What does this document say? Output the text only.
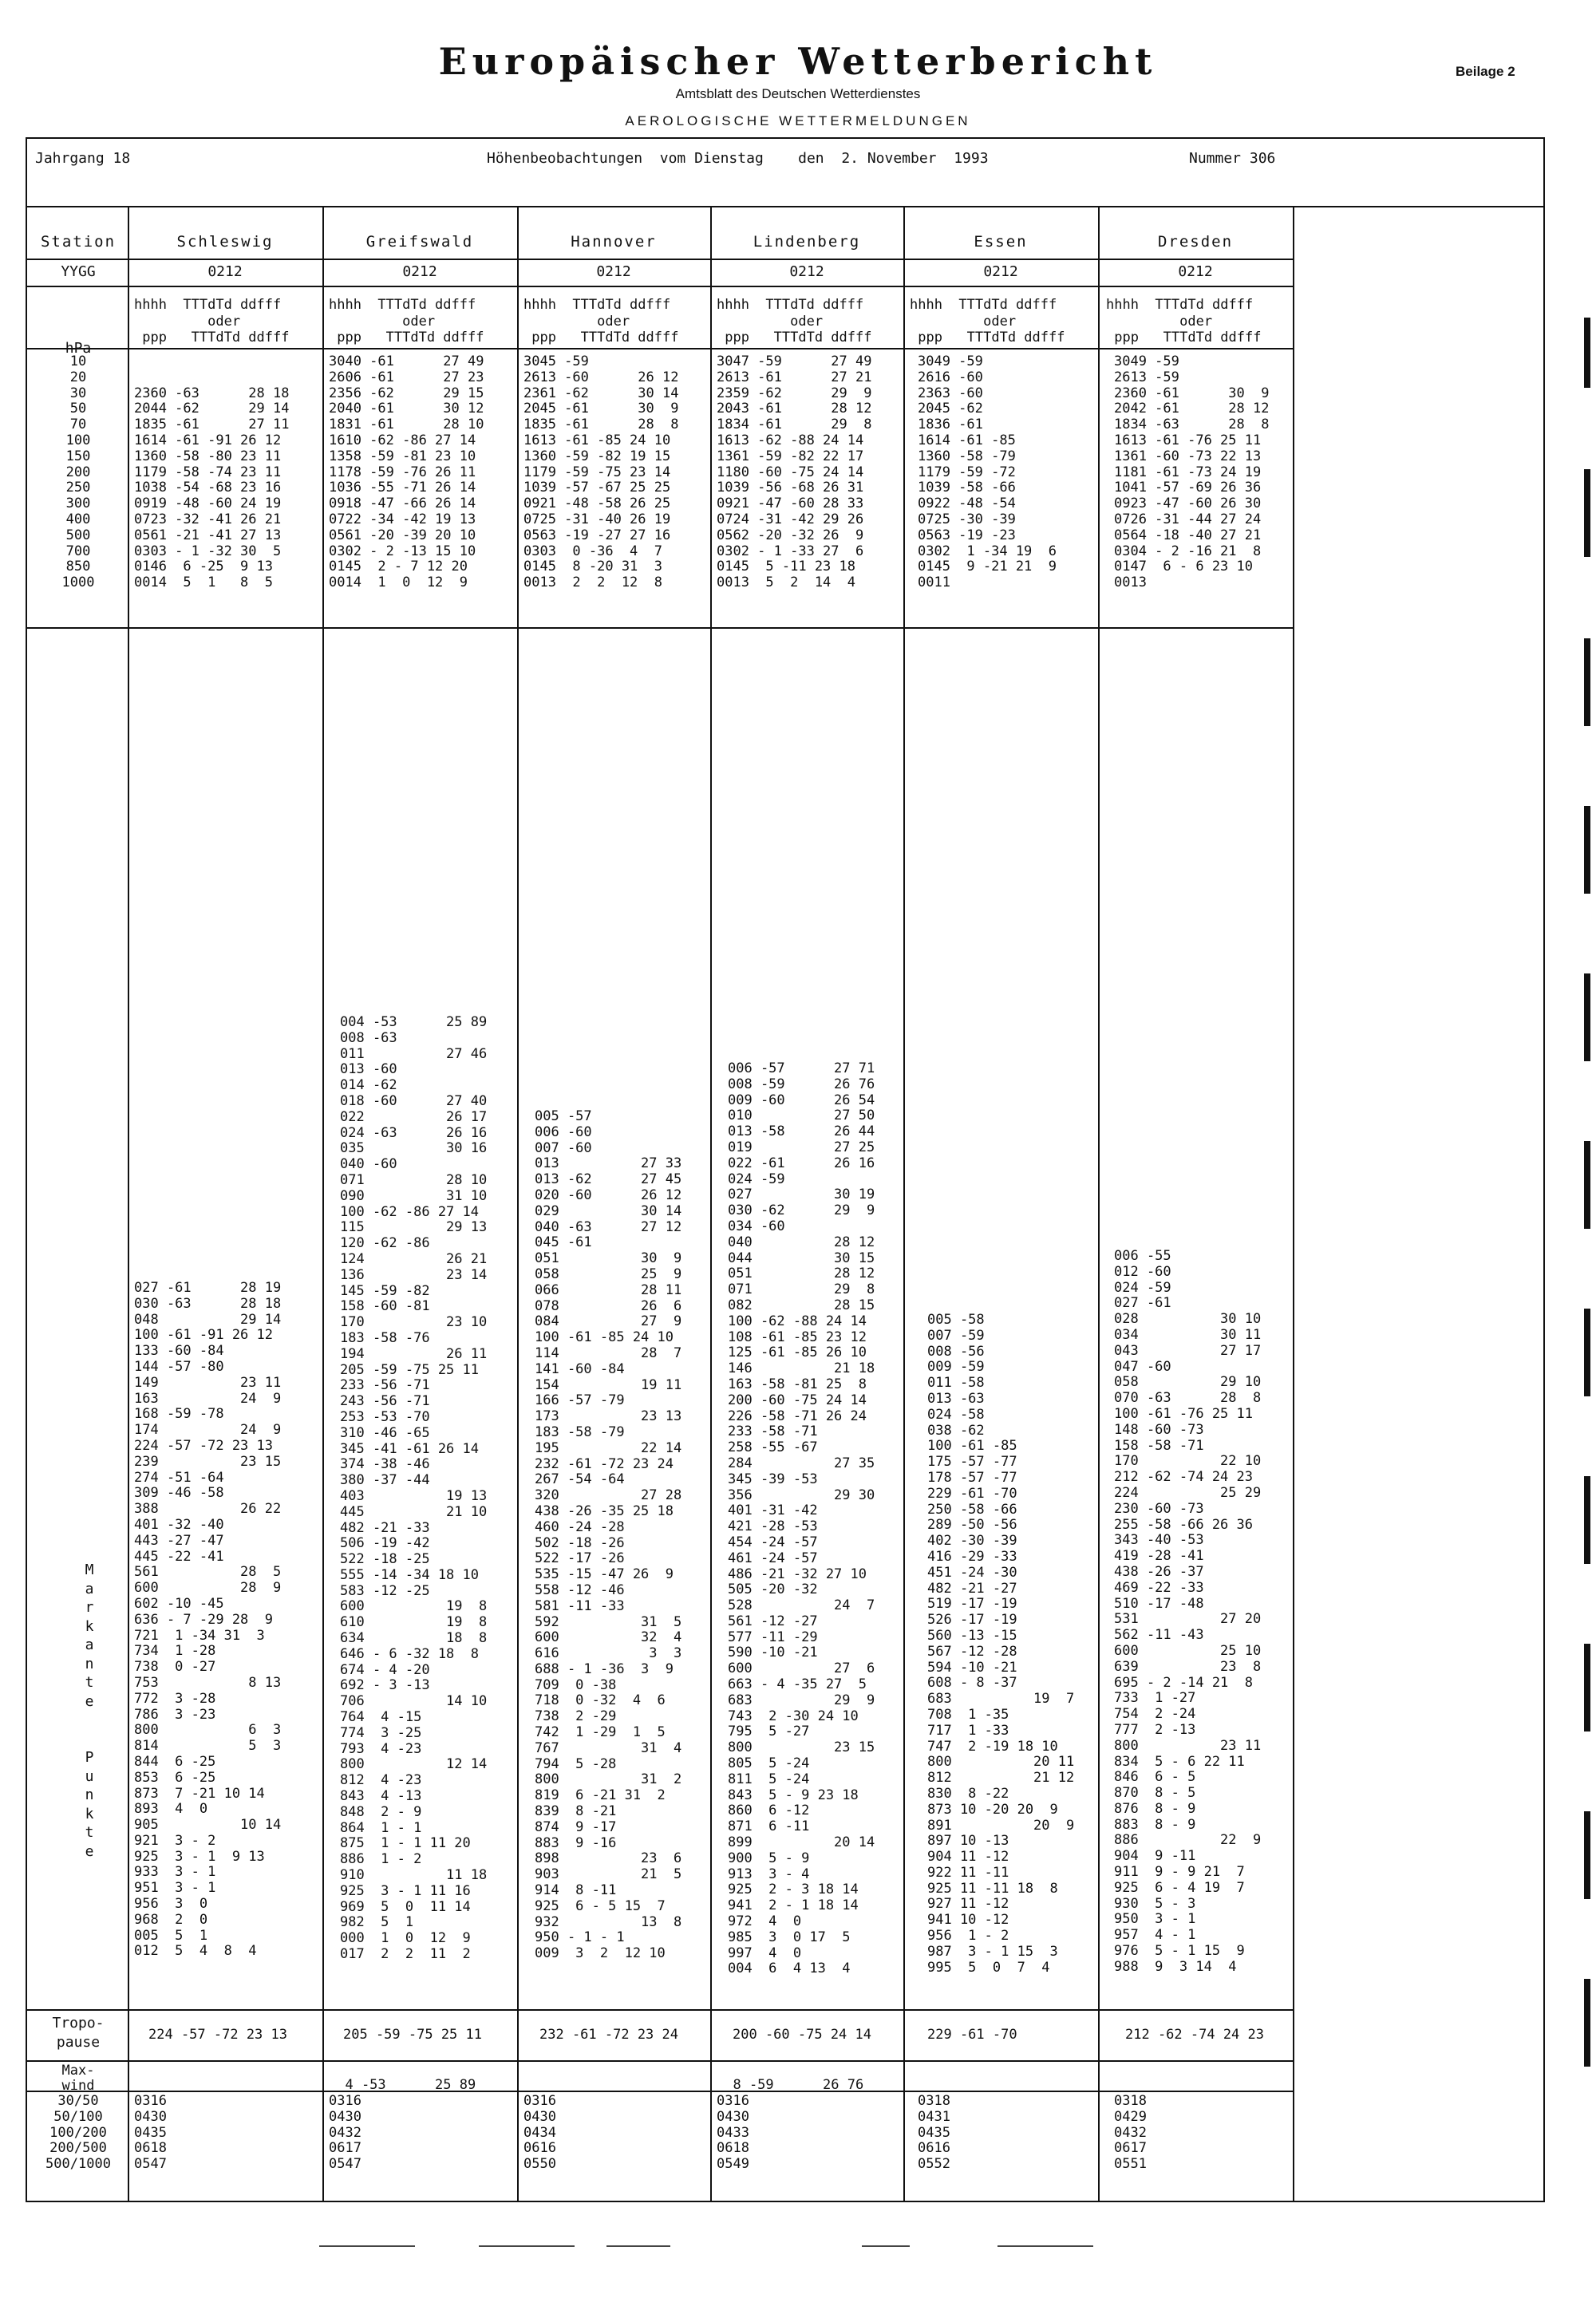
Europäischer Wetterbericht
Amtsblatt des Deutschen Wetterdienstes
Beilage 2
AEROLOGISCHE WETTERMELDUNGEN
Jahrgang 18	Höhenbeobachtungen  vom Dienstag    den  2. November  1993	Nummer 306
Station
YYGG
hPa
10
20
30
50
70
100
150
200
250
300
400
500
700
850
1000
M
a
r
k
a
n
t
e

P
u
n
k
t
e
Tropo-
pause
Max-
wind
30/50
50/100
100/200
200/500
500/1000
Schleswig
0212
hhhh  TTTdTd ddfff
oder
ppp   TTTdTd ddfff

2360 -63      28 18
2044 -62      29 14
1835 -61      27 11
1614 -61 -91 26 12
1360 -58 -80 23 11
1179 -58 -74 23 11
1038 -54 -68 23 16
0919 -48 -60 24 19
0723 -32 -41 26 21
0561 -21 -41 27 13
0303 - 1 -32 30  5
0146  6 -25  9 13
0014  5  1   8  5
027 -61      28 19
030 -63      28 18
048          29 14
100 -61 -91 26 12
133 -60 -84
144 -57 -80
149          23 11
163          24  9
168 -59 -78
174          24  9
224 -57 -72 23 13
239          23 15
274 -51 -64
309 -46 -58
388          26 22
401 -32 -40
443 -27 -47
445 -22 -41
561          28  5
600          28  9
602 -10 -45
636 - 7 -29 28  9
721  1 -34 31  3
734  1 -28
738  0 -27
753           8 13
772  3 -28
786  3 -23
800           6  3
814           5  3
844  6 -25
853  6 -25
873  7 -21 10 14
893  4  0
905          10 14
921  3 - 2
925  3 - 1  9 13
933  3 - 1
951  3 - 1
956  3  0
968  2  0
005  5  1
012  5  4  8  4
224 -57 -72 23 13
0316
0430
0435
0618
0547
Greifswald
0212
hhhh  TTTdTd ddfff
oder
ppp   TTTdTd ddfff
3040 -61      27 49
2606 -61      27 23
2356 -62      29 15
2040 -61      30 12
1831 -61      28 10
1610 -62 -86 27 14
1358 -59 -81 23 10
1178 -59 -76 26 11
1036 -55 -71 26 14
0918 -47 -66 26 14
0722 -34 -42 19 13
0561 -20 -39 20 10
0302 - 2 -13 15 10
0145  2 - 7 12 20
0014  1  0  12  9
004 -53      25 89
008 -63
011          27 46
013 -60
014 -62
018 -60      27 40
022          26 17
024 -63      26 16
035          30 16
040 -60
071          28 10
090          31 10
100 -62 -86 27 14
115          29 13
120 -62 -86
124          26 21
136          23 14
145 -59 -82
158 -60 -81
170          23 10
183 -58 -76
194          26 11
205 -59 -75 25 11
233 -56 -71
243 -56 -71
253 -53 -70
310 -46 -65
345 -41 -61 26 14
374 -38 -46
380 -37 -44
403          19 13
445          21 10
482 -21 -33
506 -19 -42
522 -18 -25
555 -14 -34 18 10
583 -12 -25
600          19  8
610          19  8
634          18  8
646 - 6 -32 18  8
674 - 4 -20
692 - 3 -13
706          14 10
764  4 -15
774  3 -25
793  4 -23
800          12 14
812  4 -23
843  4 -13
848  2 - 9
864  1 - 1
875  1 - 1 11 20
886  1 - 2
910          11 18
925  3 - 1 11 16
969  5  0  11 14
982  5  1
000  1  0  12  9
017  2  2  11  2
205 -59 -75 25 11
4 -53      25 89
0316
0430
0432
0617
0547
Hannover
0212
hhhh  TTTdTd ddfff
oder
ppp   TTTdTd ddfff
3045 -59
2613 -60      26 12
2361 -62      30 14
2045 -61      30  9
1835 -61      28  8
1613 -61 -85 24 10
1360 -59 -82 19 15
1179 -59 -75 23 14
1039 -57 -67 25 25
0921 -48 -58 26 25
0725 -31 -40 26 19
0563 -19 -27 27 16
0303  0 -36  4  7
0145  8 -20 31  3
0013  2  2  12  8
005 -57
006 -60
007 -60
013          27 33
013 -62      27 45
020 -60      26 12
029          30 14
040 -63      27 12
045 -61
051          30  9
058          25  9
066          28 11
078          26  6
084          27  9
100 -61 -85 24 10
114          28  7
141 -60 -84
154          19 11
166 -57 -79
173          23 13
183 -58 -79
195          22 14
232 -61 -72 23 24
267 -54 -64
320          27 28
438 -26 -35 25 18
460 -24 -28
502 -18 -26
522 -17 -26
535 -15 -47 26  9
558 -12 -46
581 -11 -33
592          31  5
600          32  4
616           3  3
688 - 1 -36  3  9
709  0 -38
718  0 -32  4  6
738  2 -29
742  1 -29  1  5
767          31  4
794  5 -28
800          31  2
819  6 -21 31  2
839  8 -21
874  9 -17
883  9 -16
898          23  6
903          21  5
914  8 -11
925  6 - 5 15  7
932          13  8
950 - 1 - 1
009  3  2  12 10
232 -61 -72 23 24
0316
0430
0434
0616
0550
Lindenberg
0212
hhhh  TTTdTd ddfff
oder
ppp   TTTdTd ddfff
3047 -59      27 49
2613 -61      27 21
2359 -62      29  9
2043 -61      28 12
1834 -61      29  8
1613 -62 -88 24 14
1361 -59 -82 22 17
1180 -60 -75 24 14
1039 -56 -68 26 31
0921 -47 -60 28 33
0724 -31 -42 29 26
0562 -20 -32 26  9
0302 - 1 -33 27  6
0145  5 -11 23 18
0013  5  2  14  4
006 -57      27 71
008 -59      26 76
009 -60      26 54
010          27 50
013 -58      26 44
019          27 25
022 -61      26 16
024 -59
027          30 19
030 -62      29  9
034 -60
040          28 12
044          30 15
051          28 12
071          29  8
082          28 15
100 -62 -88 24 14
108 -61 -85 23 12
125 -61 -85 26 10
146          21 18
163 -58 -81 25  8
200 -60 -75 24 14
226 -58 -71 26 24
233 -58 -71
258 -55 -67
284          27 35
345 -39 -53
356          29 30
401 -31 -42
421 -28 -53
454 -24 -57
461 -24 -57
486 -21 -32 27 10
505 -20 -32
528          24  7
561 -12 -27
577 -11 -29
590 -10 -21
600          27  6
663 - 4 -35 27  5
683          29  9
743  2 -30 24 10
795  5 -27
800          23 15
805  5 -24
811  5 -24
843  5 - 9 23 18
860  6 -12
871  6 -11
899          20 14
900  5 - 9
913  3 - 4
925  2 - 3 18 14
941  2 - 1 18 14
972  4  0
985  3  0 17  5
997  4  0
004  6  4 13  4
200 -60 -75 24 14
8 -59      26 76
0316
0430
0433
0618
0549
Essen
0212
hhhh  TTTdTd ddfff
oder
ppp   TTTdTd ddfff
3049 -59
2616 -60
2363 -60
2045 -62
1836 -61
1614 -61 -85
1360 -58 -79
1179 -59 -72
1039 -58 -66
0922 -48 -54
0725 -30 -39
0563 -19 -23
0302  1 -34 19  6
0145  9 -21 21  9
0011
005 -58
007 -59
008 -56
009 -59
011 -58
013 -63
024 -58
038 -62
100 -61 -85
175 -57 -77
178 -57 -77
229 -61 -70
250 -58 -66
289 -50 -56
402 -30 -39
416 -29 -33
451 -24 -30
482 -21 -27
519 -17 -19
526 -17 -19
560 -13 -15
567 -12 -28
594 -10 -21
608 - 8 -37
683          19  7
708  1 -35
717  1 -33
747  2 -19 18 10
800          20 11
812          21 12
830  8 -22
873 10 -20 20  9
891          20  9
897 10 -13
904 11 -12
922 11 -11
925 11 -11 18  8
927 11 -12
941 10 -12
956  1 - 2
987  3 - 1 15  3
995  5  0  7  4
229 -61 -70
0318
0431
0435
0616
0552
Dresden
0212
hhhh  TTTdTd ddfff
oder
ppp   TTTdTd ddfff
3049 -59
2613 -59
2360 -61      30  9
2042 -61      28 12
1834 -63      28  8
1613 -61 -76 25 11
1361 -60 -73 22 13
1181 -61 -73 24 19
1041 -57 -69 26 36
0923 -47 -60 26 30
0726 -31 -44 27 24
0564 -18 -40 27 21
0304 - 2 -16 21  8
0147  6 - 6 23 10
0013
006 -55
012 -60
024 -59
027 -61
028          30 10
034          30 11
043          27 17
047 -60
058          29 10
070 -63      28  8
100 -61 -76 25 11
148 -60 -73
158 -58 -71
170          22 10
212 -62 -74 24 23
224          25 29
230 -60 -73
255 -58 -66 26 36
343 -40 -53
419 -28 -41
438 -26 -37
469 -22 -33
510 -17 -48
531          27 20
562 -11 -43
600          25 10
639          23  8
695 - 2 -14 21  8
733  1 -27
754  2 -24
777  2 -13
800          23 11
834  5 - 6 22 11
846  6 - 5
870  8 - 5
876  8 - 9
883  8 - 9
886          22  9
904  9 -11
911  9 - 9 21  7
925  6 - 4 19  7
930  5 - 3
950  3 - 1
957  4 - 1
976  5 - 1 15  9
988  9  3 14  4
212 -62 -74 24 23
0318
0429
0432
0617
0551
